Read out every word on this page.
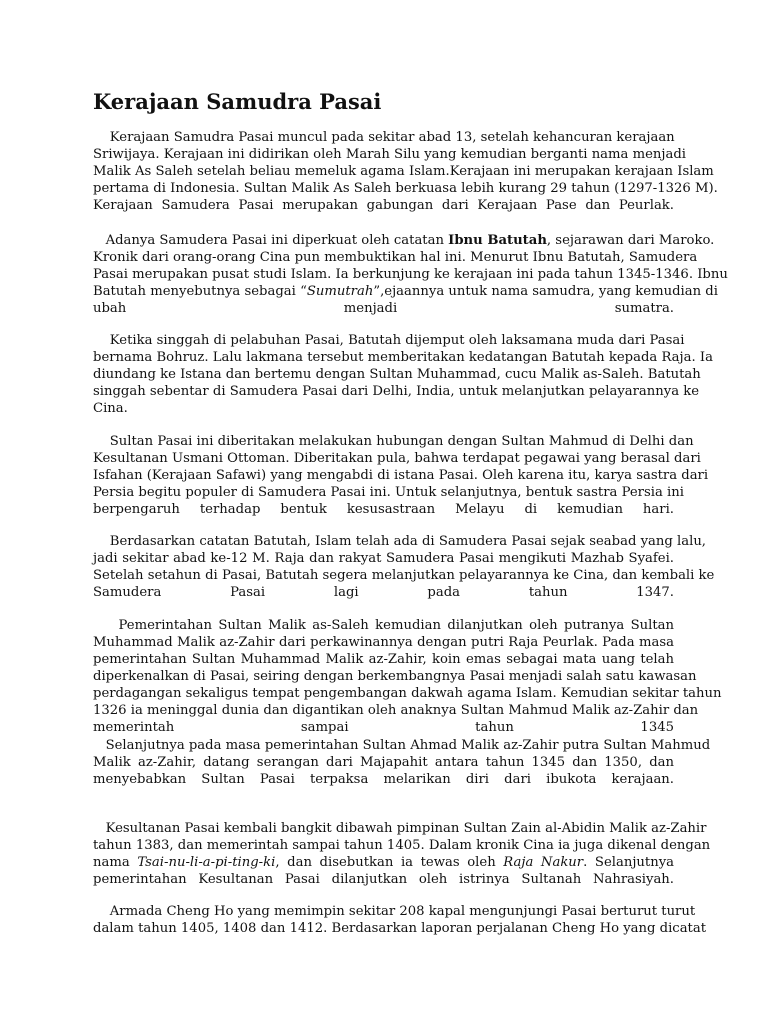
Kerajaan Samudra Pasai
Kerajaan Samudra Pasai muncul pada sekitar abad 13, setelah kehancuran kerajaan
Sriwijaya. Kerajaan ini didirikan oleh Marah Silu yang kemudian berganti nama menjadi
Malik As Saleh setelah beliau memeluk agama Islam.Kerajaan ini merupakan kerajaan Islam
pertama di Indonesia. Sultan Malik As Saleh berkuasa lebih kurang 29 tahun (1297-1326 M).
Kerajaan Samudera Pasai merupakan gabungan dari Kerajaan Pase dan Peurlak.
Adanya Samudera Pasai ini diperkuat oleh catatan Ibnu Batutah, sejarawan dari Maroko.
Kronik dari orang-orang Cina pun membuktikan hal ini. Menurut Ibnu Batutah, Samudera
Pasai merupakan pusat studi Islam. Ia berkunjung ke kerajaan ini pada tahun 1345-1346. Ibnu
Batutah menyebutnya sebagai “Sumutrah”,ejaannya untuk nama samudra, yang kemudian di
ubah menjadi sumatra.
Ketika singgah di pelabuhan Pasai, Batutah dijemput oleh laksamana muda dari Pasai
bernama Bohruz. Lalu lakmana tersebut memberitakan kedatangan Batutah kepada Raja. Ia
diundang ke Istana dan bertemu dengan Sultan Muhammad, cucu Malik as-Saleh. Batutah
singgah sebentar di Samudera Pasai dari Delhi, India, untuk melanjutkan pelayarannya ke
Cina.
Sultan Pasai ini diberitakan melakukan hubungan dengan Sultan Mahmud di Delhi dan
Kesultanan Usmani Ottoman. Diberitakan pula, bahwa terdapat pegawai yang berasal dari
Isfahan (Kerajaan Safawi) yang mengabdi di istana Pasai. Oleh karena itu, karya sastra dari
Persia begitu populer di Samudera Pasai ini. Untuk selanjutnya, bentuk sastra Persia ini
berpengaruh terhadap bentuk kesusastraan Melayu di kemudian hari.
Berdasarkan catatan Batutah, Islam telah ada di Samudera Pasai sejak seabad yang lalu,
jadi sekitar abad ke-12 M. Raja dan rakyat Samudera Pasai mengikuti Mazhab Syafei.
Setelah setahun di Pasai, Batutah segera melanjutkan pelayarannya ke Cina, dan kembali ke
Samudera Pasai lagi pada tahun 1347.
Pemerintahan Sultan Malik as-Saleh kemudian dilanjutkan oleh putranya Sultan
Muhammad Malik az-Zahir dari perkawinannya dengan putri Raja Peurlak. Pada masa
pemerintahan Sultan Muhammad Malik az-Zahir, koin emas sebagai mata uang telah
diperkenalkan di Pasai, seiring dengan berkembangnya Pasai menjadi salah satu kawasan
perdagangan sekaligus tempat pengembangan dakwah agama Islam. Kemudian sekitar tahun
1326 ia meninggal dunia dan digantikan oleh anaknya Sultan Mahmud Malik az-Zahir dan
memerintah sampai tahun 1345
Selanjutnya pada masa pemerintahan Sultan Ahmad Malik az-Zahir putra Sultan Mahmud
Malik az-Zahir, datang serangan dari Majapahit antara tahun 1345 dan 1350, dan
menyebabkan Sultan Pasai terpaksa melarikan diri dari ibukota kerajaan.
Kesultanan Pasai kembali bangkit dibawah pimpinan Sultan Zain al-Abidin Malik az-Zahir
tahun 1383, dan memerintah sampai tahun 1405. Dalam kronik Cina ia juga dikenal dengan
nama Tsai-nu-li-a-pi-ting-ki, dan disebutkan ia tewas oleh Raja Nakur. Selanjutnya
pemerintahan Kesultanan Pasai dilanjutkan oleh istrinya Sultanah Nahrasiyah.
Armada Cheng Ho yang memimpin sekitar 208 kapal mengunjungi Pasai berturut turut
dalam tahun 1405, 1408 dan 1412. Berdasarkan laporan perjalanan Cheng Ho yang dicatat
